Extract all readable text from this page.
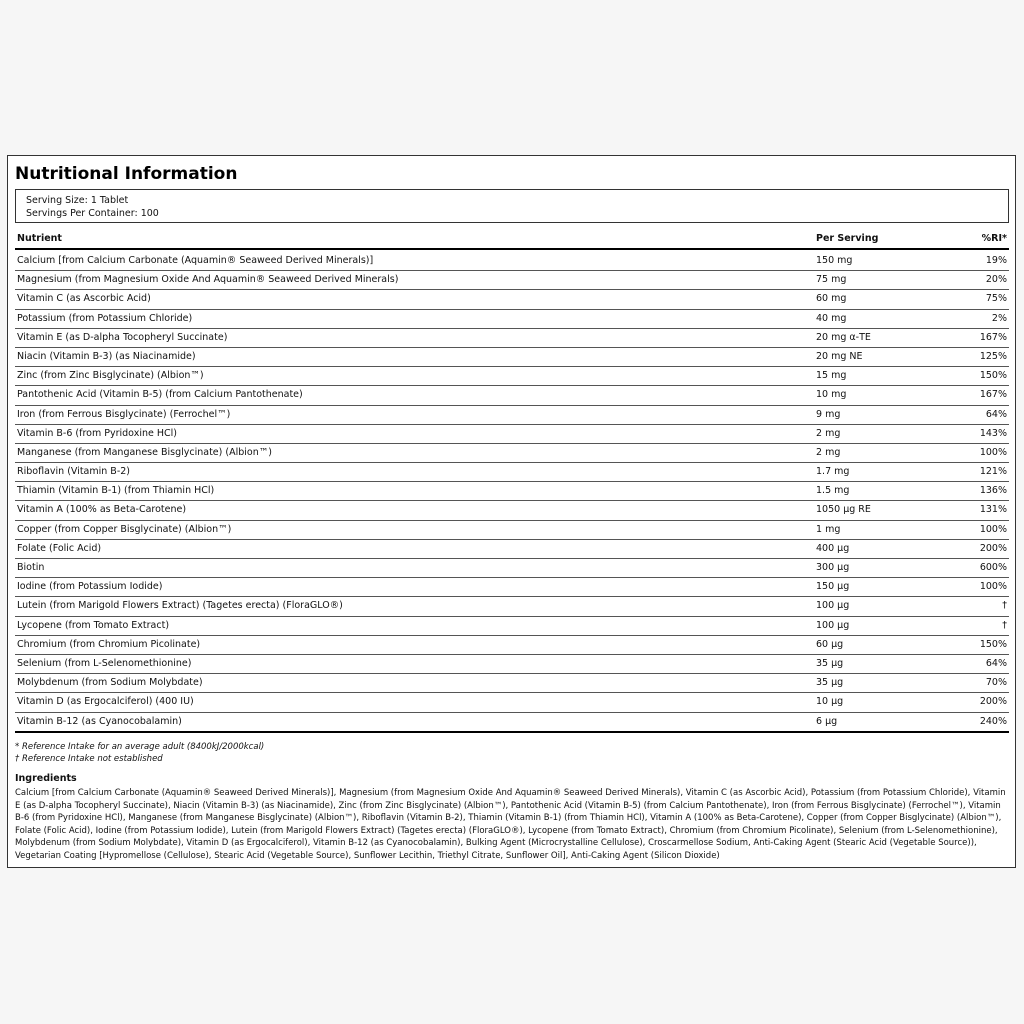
Nutritional Information
Serving Size: 1 Tablet
Servings Per Container: 100
Nutrient	Per Serving	%RI*
Calcium [from Calcium Carbonate (Aquamin® Seaweed Derived Minerals)]	150 mg	19%
Magnesium (from Magnesium Oxide And Aquamin® Seaweed Derived Minerals)	75 mg	20%
Vitamin C (as Ascorbic Acid)	60 mg	75%
Potassium (from Potassium Chloride)	40 mg	2%
Vitamin E (as D-alpha Tocopheryl Succinate)	20 mg α-TE	167%
Niacin (Vitamin B-3) (as Niacinamide)	20 mg NE	125%
Zinc (from Zinc Bisglycinate) (Albion™)	15 mg	150%
Pantothenic Acid (Vitamin B-5) (from Calcium Pantothenate)	10 mg	167%
Iron (from Ferrous Bisglycinate) (Ferrochel™)	9 mg	64%
Vitamin B-6 (from Pyridoxine HCl)	2 mg	143%
Manganese (from Manganese Bisglycinate) (Albion™)	2 mg	100%
Riboflavin (Vitamin B-2)	1.7 mg	121%
Thiamin (Vitamin B-1) (from Thiamin HCl)	1.5 mg	136%
Vitamin A (100% as Beta-Carotene)	1050 µg RE	131%
Copper (from Copper Bisglycinate) (Albion™)	1 mg	100%
Folate (Folic Acid)	400 µg	200%
Biotin	300 µg	600%
Iodine (from Potassium Iodide)	150 µg	100%
Lutein (from Marigold Flowers Extract) (Tagetes erecta) (FloraGLO®)	100 µg	†
Lycopene (from Tomato Extract)	100 µg	†
Chromium (from Chromium Picolinate)	60 µg	150%
Selenium (from L-Selenomethionine)	35 µg	64%
Molybdenum (from Sodium Molybdate)	35 µg	70%
Vitamin D (as Ergocalciferol) (400 IU)	10 µg	200%
Vitamin B-12 (as Cyanocobalamin)	6 µg	240%
* Reference Intake for an average adult (8400kJ/2000kcal)
† Reference Intake not established
Ingredients

Calcium [from Calcium Carbonate (Aquamin® Seaweed Derived Minerals)], Magnesium (from Magnesium Oxide And Aquamin® Seaweed Derived Minerals), Vitamin C (as Ascorbic Acid), Potassium (from Potassium Chloride), Vitamin E (as D-alpha Tocopheryl Succinate), Niacin (Vitamin B-3) (as Niacinamide), Zinc (from Zinc Bisglycinate) (Albion™), Pantothenic Acid (Vitamin B-5) (from Calcium Pantothenate), Iron (from Ferrous Bisglycinate) (Ferrochel™), Vitamin B-6 (from Pyridoxine HCl), Manganese (from Manganese Bisglycinate) (Albion™), Riboflavin (Vitamin B-2), Thiamin (Vitamin B-1) (from Thiamin HCl), Vitamin A (100% as Beta-Carotene), Copper (from Copper Bisglycinate) (Albion™), Folate (Folic Acid), Iodine (from Potassium Iodide), Lutein (from Marigold Flowers Extract) (Tagetes erecta) (FloraGLO®), Lycopene (from Tomato Extract), Chromium (from Chromium Picolinate), Selenium (from L-Selenomethionine), Molybdenum (from Sodium Molybdate), Vitamin D (as Ergocalciferol), Vitamin B-12 (as Cyanocobalamin), Bulking Agent (Microcrystalline Cellulose), Croscarmellose Sodium, Anti-Caking Agent (Stearic Acid (Vegetable Source)), Vegetarian Coating [Hypromellose (Cellulose), Stearic Acid (Vegetable Source), Sunflower Lecithin, Triethyl Citrate, Sunflower Oil], Anti-Caking Agent (Silicon Dioxide)
